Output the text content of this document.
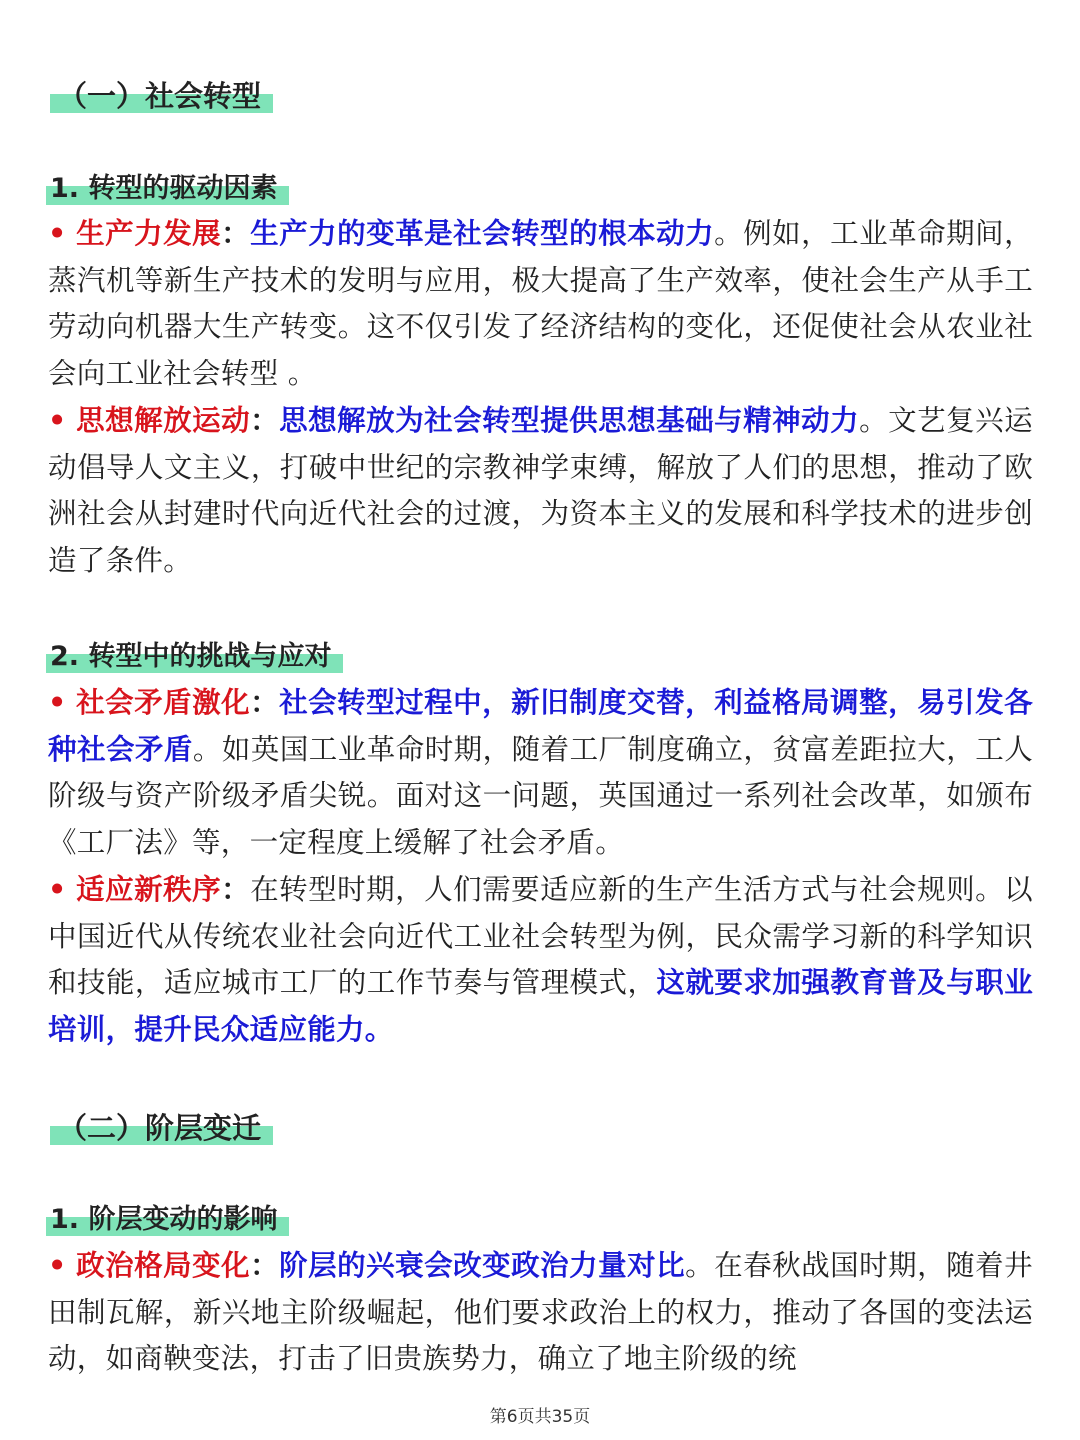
（一）社会转型
1. 转型的驱动因素

• 生产力发展：生产力的变革是社会转型的根本动力。例如，工业革命期间，蒸汽机等新生产技术的发明与应用，极大提高了生产效率，使社会生产从手工劳动向机器大生产转变。这不仅引发了经济结构的变化，还促使社会从农业社会向工业社会转型 。

• 思想解放运动：思想解放为社会转型提供思想基础与精神动力。文艺复兴运动倡导人文主义，打破中世纪的宗教神学束缚，解放了人们的思想，推动了欧洲社会从封建时代向近代社会的过渡，为资本主义的发展和科学技术的进步创造了条件。

2. 转型中的挑战与应对

• 社会矛盾激化：社会转型过程中，新旧制度交替，利益格局调整，易引发各种社会矛盾。如英国工业革命时期，随着工厂制度确立，贫富差距拉大，工人阶级与资产阶级矛盾尖锐。面对这一问题，英国通过一系列社会改革，如颁布《工厂法》等，一定程度上缓解了社会矛盾。

• 适应新秩序：在转型时期，人们需要适应新的生产生活方式与社会规则。以中国近代从传统农业社会向近代工业社会转型为例，民众需学习新的科学知识和技能，适应城市工厂的工作节奏与管理模式，这就要求加强教育普及与职业培训，提升民众适应能力。

（二）阶层变迁
1. 阶层变动的影响

• 政治格局变化：阶层的兴衰会改变政治力量对比。在春秋战国时期，随着井田制瓦解，新兴地主阶级崛起，他们要求政治上的权力，推动了各国的变法运动，如商鞅变法，打击了旧贵族势力，确立了地主阶级的统

第6页共35页
